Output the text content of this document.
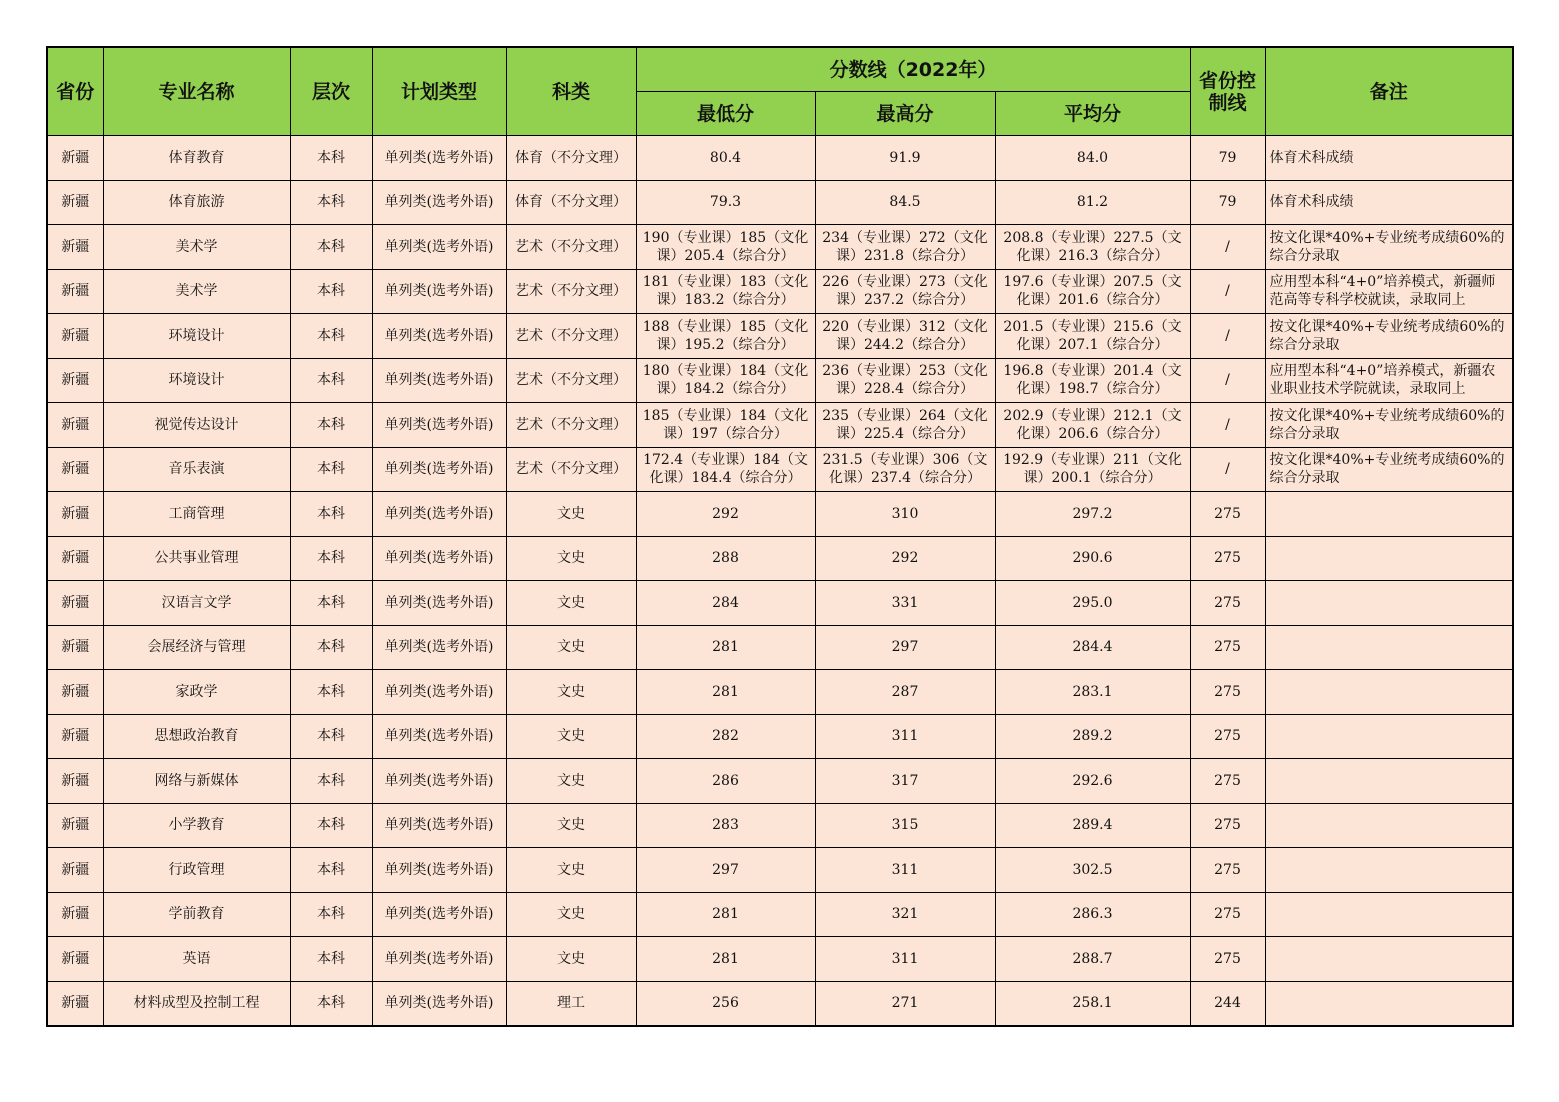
省份	专业名称	层次	计划类型	科类	分数线（2022年）			省份控制线	备注
					最低分	最高分	平均分		
新疆	体育教育	本科	单列类(选考外语)	体育（不分文理）	80.4	91.9	84.0	79	体育术科成绩
新疆	体育旅游	本科	单列类(选考外语)	体育（不分文理）	79.3	84.5	81.2	79	体育术科成绩
新疆	美术学	本科	单列类(选考外语)	艺术（不分文理）	190（专业课）185（文化课）205.4（综合分）	234（专业课）272（文化课）231.8（综合分）	208.8（专业课）227.5（文化课）216.3（综合分）	/	按文化课*40%+专业统考成绩60%的综合分录取
新疆	美术学	本科	单列类(选考外语)	艺术（不分文理）	181（专业课）183（文化课）183.2（综合分）	226（专业课）273（文化课）237.2（综合分）	197.6（专业课）207.5（文化课）201.6（综合分）	/	应用型本科“4+0”培养模式，新疆师范高等专科学校就读，录取同上
新疆	环境设计	本科	单列类(选考外语)	艺术（不分文理）	188（专业课）185（文化课）195.2（综合分）	220（专业课）312（文化课）244.2（综合分）	201.5（专业课）215.6（文化课）207.1（综合分）	/	按文化课*40%+专业统考成绩60%的综合分录取
新疆	环境设计	本科	单列类(选考外语)	艺术（不分文理）	180（专业课）184（文化课）184.2（综合分）	236（专业课）253（文化课）228.4（综合分）	196.8（专业课）201.4（文化课）198.7（综合分）	/	应用型本科“4+0”培养模式，新疆农业职业技术学院就读，录取同上
新疆	视觉传达设计	本科	单列类(选考外语)	艺术（不分文理）	185（专业课）184（文化课）197（综合分）	235（专业课）264（文化课）225.4（综合分）	202.9（专业课）212.1（文化课）206.6（综合分）	/	按文化课*40%+专业统考成绩60%的综合分录取
新疆	音乐表演	本科	单列类(选考外语)	艺术（不分文理）	172.4（专业课）184（文化课）184.4（综合分）	231.5（专业课）306（文化课）237.4（综合分）	192.9（专业课）211（文化课）200.1（综合分）	/	按文化课*40%+专业统考成绩60%的综合分录取
新疆	工商管理	本科	单列类(选考外语)	文史	292	310	297.2	275	
新疆	公共事业管理	本科	单列类(选考外语)	文史	288	292	290.6	275	
新疆	汉语言文学	本科	单列类(选考外语)	文史	284	331	295.0	275	
新疆	会展经济与管理	本科	单列类(选考外语)	文史	281	297	284.4	275	
新疆	家政学	本科	单列类(选考外语)	文史	281	287	283.1	275	
新疆	思想政治教育	本科	单列类(选考外语)	文史	282	311	289.2	275	
新疆	网络与新媒体	本科	单列类(选考外语)	文史	286	317	292.6	275	
新疆	小学教育	本科	单列类(选考外语)	文史	283	315	289.4	275	
新疆	行政管理	本科	单列类(选考外语)	文史	297	311	302.5	275	
新疆	学前教育	本科	单列类(选考外语)	文史	281	321	286.3	275	
新疆	英语	本科	单列类(选考外语)	文史	281	311	288.7	275	
新疆	材料成型及控制工程	本科	单列类(选考外语)	理工	256	271	258.1	244	
